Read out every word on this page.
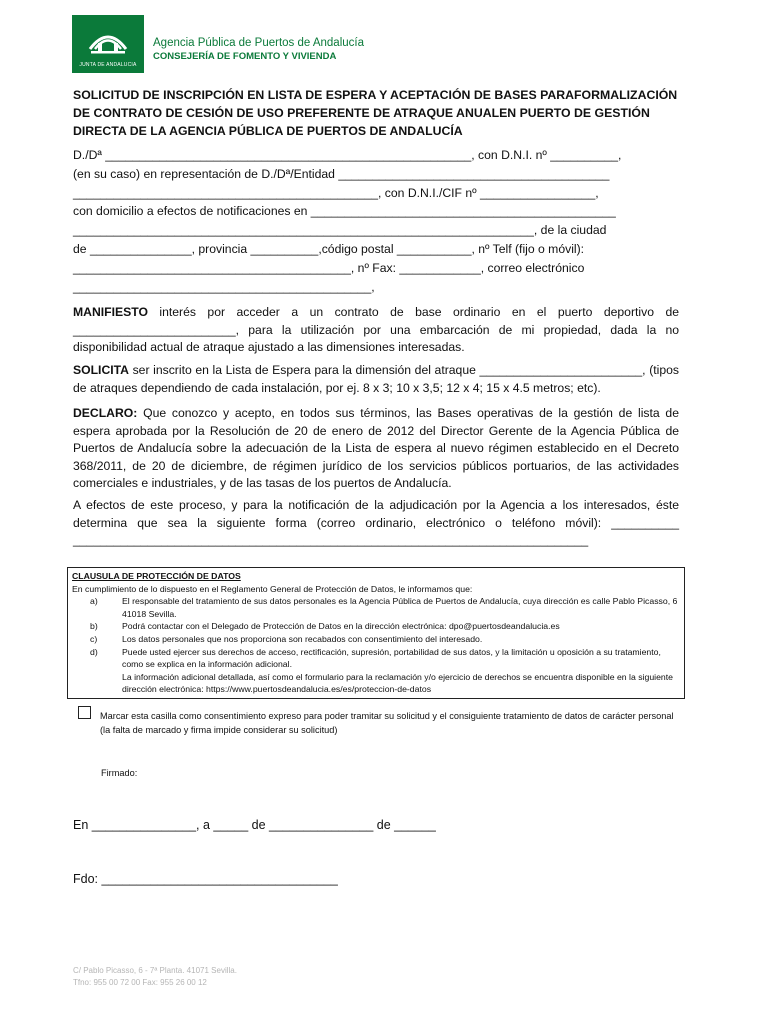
JUNTA DE ANDALUCIA
Agencia Pública de Puertos de Andalucía
CONSEJERÍA DE FOMENTO Y VIVIENDA
SOLICITUD DE INSCRIPCIÓN EN LISTA DE ESPERA Y ACEPTACIÓN DE BASES PARAFORMALIZACIÓN DE CONTRATO DE CESIÓN DE USO PREFERENTE DE ATRAQUE ANUALEN PUERTO DE GESTIÓN DIRECTA DE LA AGENCIA PÚBLICA DE PUERTOS DE ANDALUCÍA

D./Dª ______________________________________________________, con D.N.I. nº __________,

(en su caso) en representación de D./Dª/Entidad ________________________________________

_____________________________________________, con D.N.I./CIF nº _________________,

con domicilio a efectos de notificaciones en _____________________________________________

____________________________________________________________________, de la ciudad

de _______________, provincia __________,código postal ___________, nº Telf (fijo o móvil):

_________________________________________, nº Fax: ____________, correo electrónico

____________________________________________,

MANIFIESTO interés por acceder a un contrato de base ordinario en el puerto deportivo de ________________________, para la utilización por una embarcación de mi propiedad, dada la no disponibilidad actual de atraque ajustado a las dimensiones interesadas.
SOLICITA ser inscrito en la Lista de Espera para la dimensión del atraque ________________________, (tipos de atraques dependiendo de cada instalación, por ej. 8 x 3; 10 x 3,5; 12 x 4; 15 x 4.5 metros; etc).
DECLARO: Que conozco y acepto, en todos sus términos, las Bases operativas de la gestión de lista de espera aprobada por la Resolución de 20 de enero de 2012 del Director Gerente de la Agencia Pública de Puertos de Andalucía sobre la adecuación de la Lista de espera al nuevo régimen establecido en el Decreto 368/2011, de 20 de diciembre, de régimen jurídico de los servicios públicos portuarios, de las actividades comerciales e industriales, y de las tasas de los puertos de Andalucía.
A efectos de este proceso, y para la notificación de la adjudicación por la Agencia a los interesados, éste determina que sea la siguiente forma (correo ordinario, electrónico o teléfono móvil): __________ ____________________________________________________________________________
CLAUSULA DE PROTECCIÓN DE DATOS
En cumplimiento de lo dispuesto en el Reglamento General de Protección de Datos, le informamos que:
a)	El responsable del tratamiento de sus datos personales es la Agencia Pública de Puertos de Andalucía, cuya dirección es calle Pablo Picasso, 6 41018 Sevilla.
b)	Podrá contactar con el Delegado de Protección de Datos en la dirección electrónica: dpo@puertosdeandalucia.es
c)	Los datos personales que nos proporciona son recabados con consentimiento del interesado.
d)	Puede usted ejercer sus derechos de acceso, rectificación, supresión, portabilidad de sus datos, y la limitación u oposición a su tratamiento, como se explica en la información adicional.
La información adicional detallada, así como el formulario para la reclamación y/o ejercicio de derechos se encuentra disponible en la siguiente dirección electrónica: https://www.puertosdeandalucia.es/es/proteccion-de-datos
Marcar esta casilla como consentimiento expreso para poder tramitar su solicitud y el consiguiente tratamiento de datos de carácter personal (la falta de marcado y firma impide considerar su solicitud)
Firmado:
En _______________, a _____ de _______________ de ______
Fdo: __________________________________
C/ Pablo Picasso, 6 - 7ª Planta. 41071 Sevilla.
Tfno: 955 00 72 00 Fax: 955 26 00 12
